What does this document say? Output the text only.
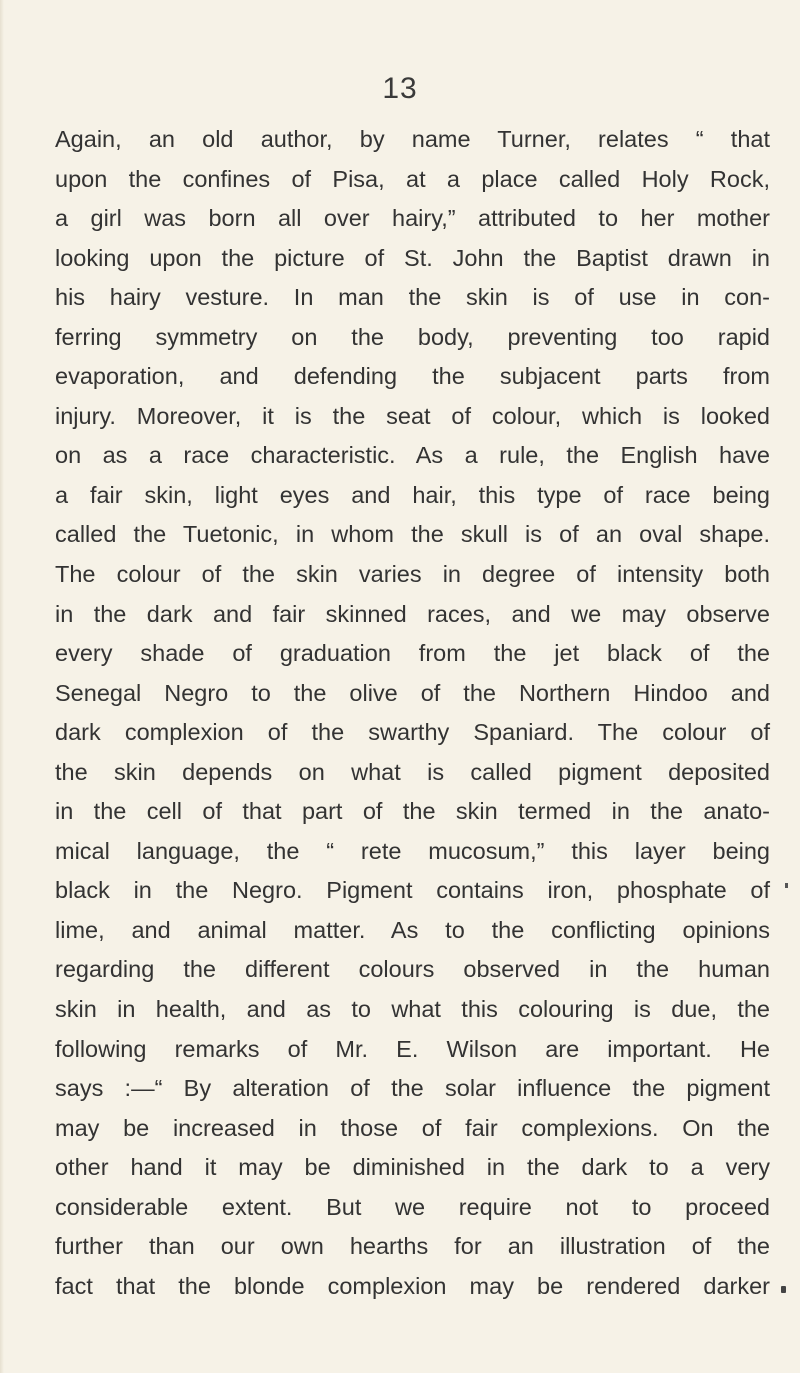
13
Again, an old author, by name Turner, relates “ that
upon the confines of Pisa, at a place called Holy Rock,
a girl was born all over hairy,” attributed to her mother
looking upon the picture of St. John the Baptist drawn in
his hairy vesture. In man the skin is of use in con-
ferring symmetry on the body, preventing too rapid
evaporation, and defending the subjacent parts from
injury. Moreover, it is the seat of colour, which is looked
on as a race characteristic. As a rule, the English have
a fair skin, light eyes and hair, this type of race being
called the Tuetonic, in whom the skull is of an oval shape.
The colour of the skin varies in degree of intensity both
in the dark and fair skinned races, and we may observe
every shade of graduation from the jet black of the
Senegal Negro to the olive of the Northern Hindoo and
dark complexion of the swarthy Spaniard. The colour of
the skin depends on what is called pigment deposited
in the cell of that part of the skin termed in the anato-
mical language, the “ rete mucosum,” this layer being
black in the Negro. Pigment contains iron, phosphate of
lime, and animal matter. As to the conflicting opinions
regarding the different colours observed in the human
skin in health, and as to what this colouring is due, the
following remarks of Mr. E. Wilson are important. He
says :—“ By alteration of the solar influence the pigment
may be increased in those of fair complexions. On the
other hand it may be diminished in the dark to a very
considerable extent. But we require not to proceed
further than our own hearths for an illustration of the
fact that the blonde complexion may be rendered darker
